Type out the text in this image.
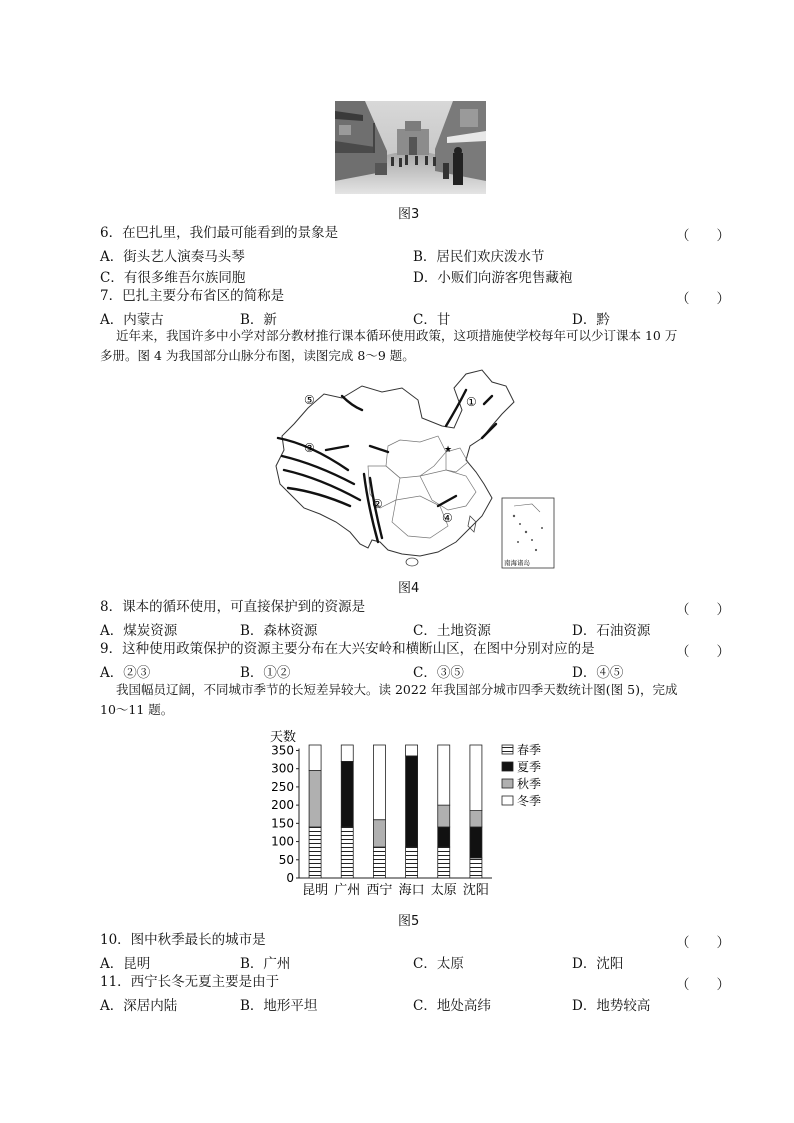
图3
6．在巴扎里，我们最可能看到的景象是	（　　）
A．街头艺人演奏马头琴	B．居民们欢庆泼水节
C．有很多维吾尔族同胞	D．小贩们向游客兜售藏袍
7．巴扎主要分布省区的简称是	（　　）
A．内蒙古	B．新	C．甘	D．黔
近年来，我国许多中小学对部分教材推行课本循环使用政策，这项措施使学校每年可以少订课本 10 万
多册。图 4 为我国部分山脉分布图，读图完成 8～9 题。
①
②
③
④
⑤
★
南海诸岛
图4
8．课本的循环使用，可直接保护到的资源是	（　　）
A．煤炭资源	B．森林资源	C．土地资源	D．石油资源
9．这种使用政策保护的资源主要分布在大兴安岭和横断山区，在图中分别对应的是	（　　）
A．②③	B．①②	C．③⑤	D．④⑤
我国幅员辽阔，不同城市季节的长短差异较大。读 2022 年我国部分城市四季天数统计图(图 5)，完成
10～11 题。
天数
0
50
100
150
200
250
300
350
昆明 广州 西宁 海口 太原 沈阳
春季
夏季
秋季
冬季
图5
10．图中秋季最长的城市是	（　　）
A．昆明	B．广州	C．太原	D．沈阳
11．西宁长冬无夏主要是由于	（　　）
A．深居内陆	B．地形平坦	C．地处高纬	D．地势较高
